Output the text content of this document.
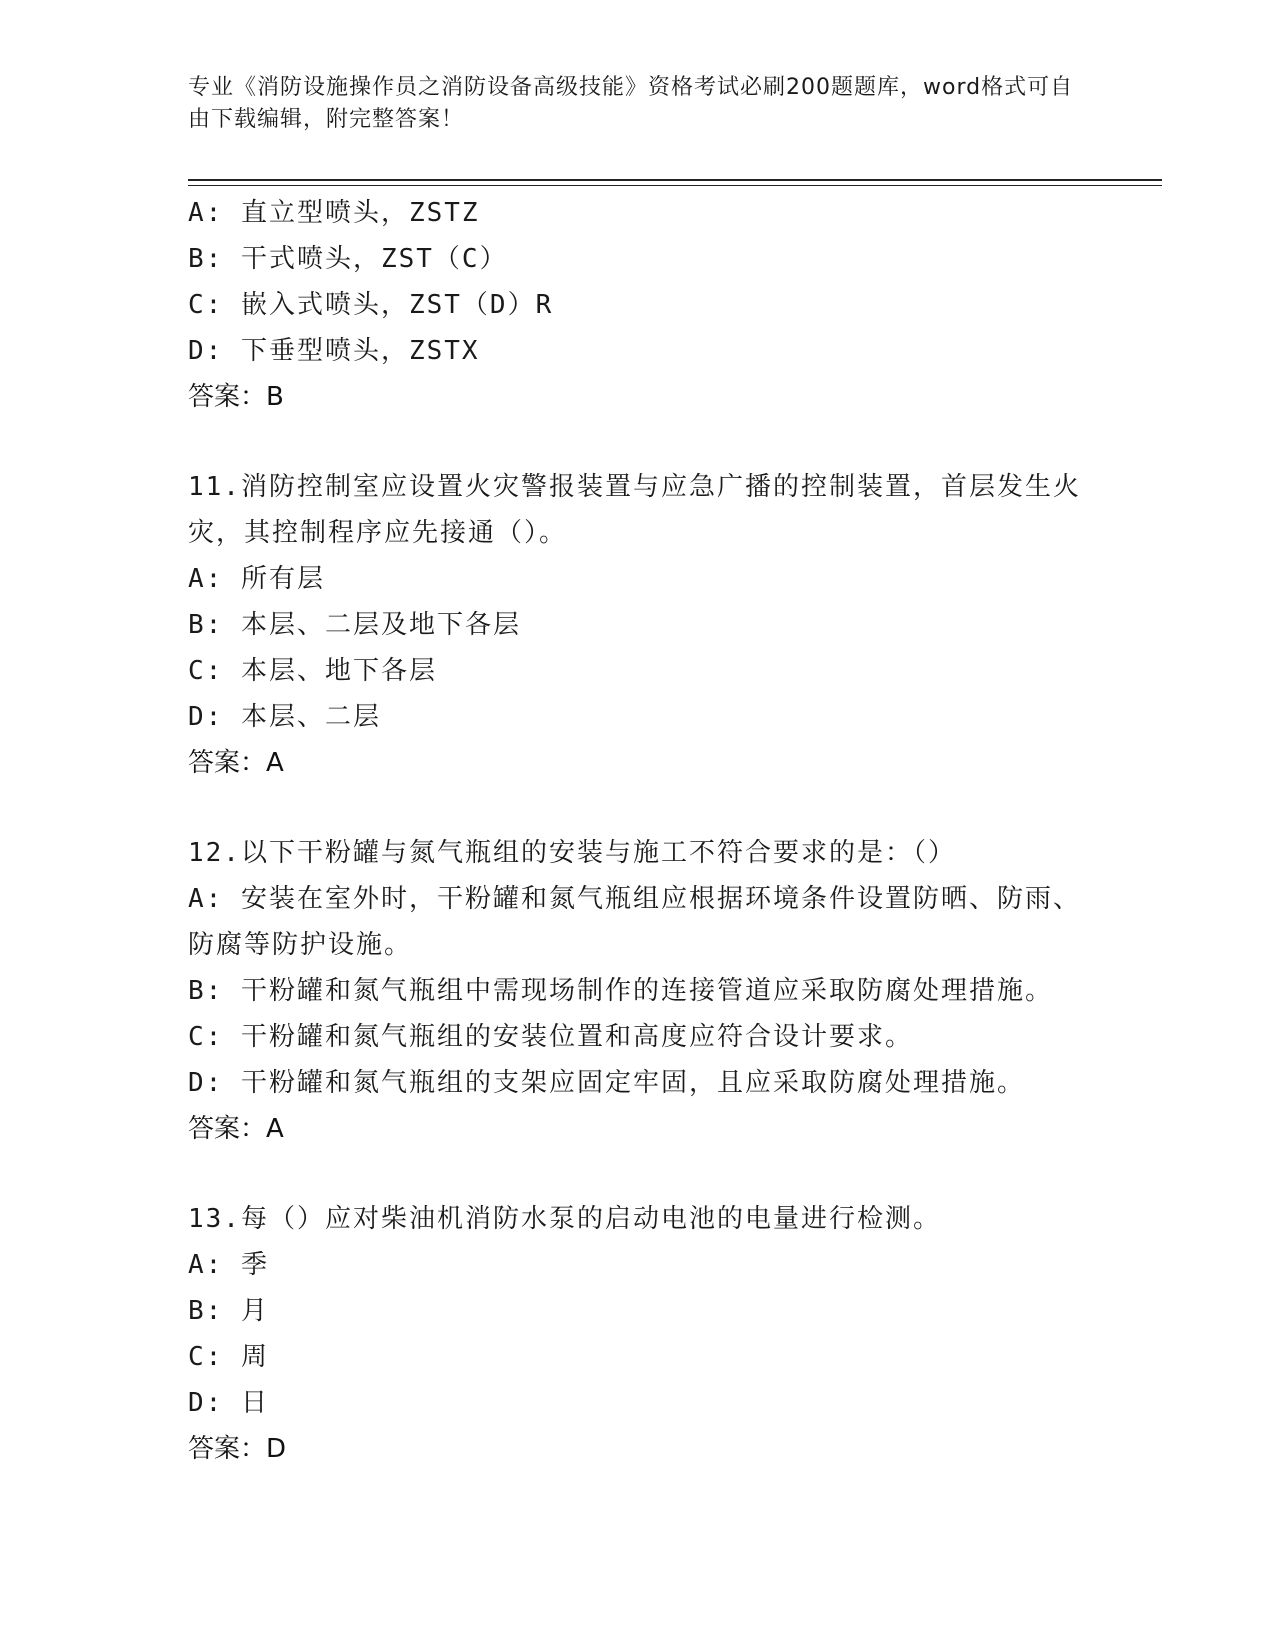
专业《消防设施操作员之消防设备高级技能》资格考试必刷200题题库，word格式可自由下载编辑，附完整答案！
A: 直立型喷头，ZSTZ
B: 干式喷头，ZST（C）
C: 嵌入式喷头，ZST（D）R
D: 下垂型喷头，ZSTX
答案：B
11.消防控制室应设置火灾警报装置与应急广播的控制装置，首层发生火灾，其控制程序应先接通（）。
A: 所有层
B: 本层、二层及地下各层
C: 本层、地下各层
D: 本层、二层
答案：A
12.以下干粉罐与氮气瓶组的安装与施工不符合要求的是：（）
A: 安装在室外时，干粉罐和氮气瓶组应根据环境条件设置防晒、防雨、防腐等防护设施。
B: 干粉罐和氮气瓶组中需现场制作的连接管道应采取防腐处理措施。
C: 干粉罐和氮气瓶组的安装位置和高度应符合设计要求。
D: 干粉罐和氮气瓶组的支架应固定牢固，且应采取防腐处理措施。
答案：A
13.每（）应对柴油机消防水泵的启动电池的电量进行检测。
A: 季
B: 月
C: 周
D: 日
答案：D
